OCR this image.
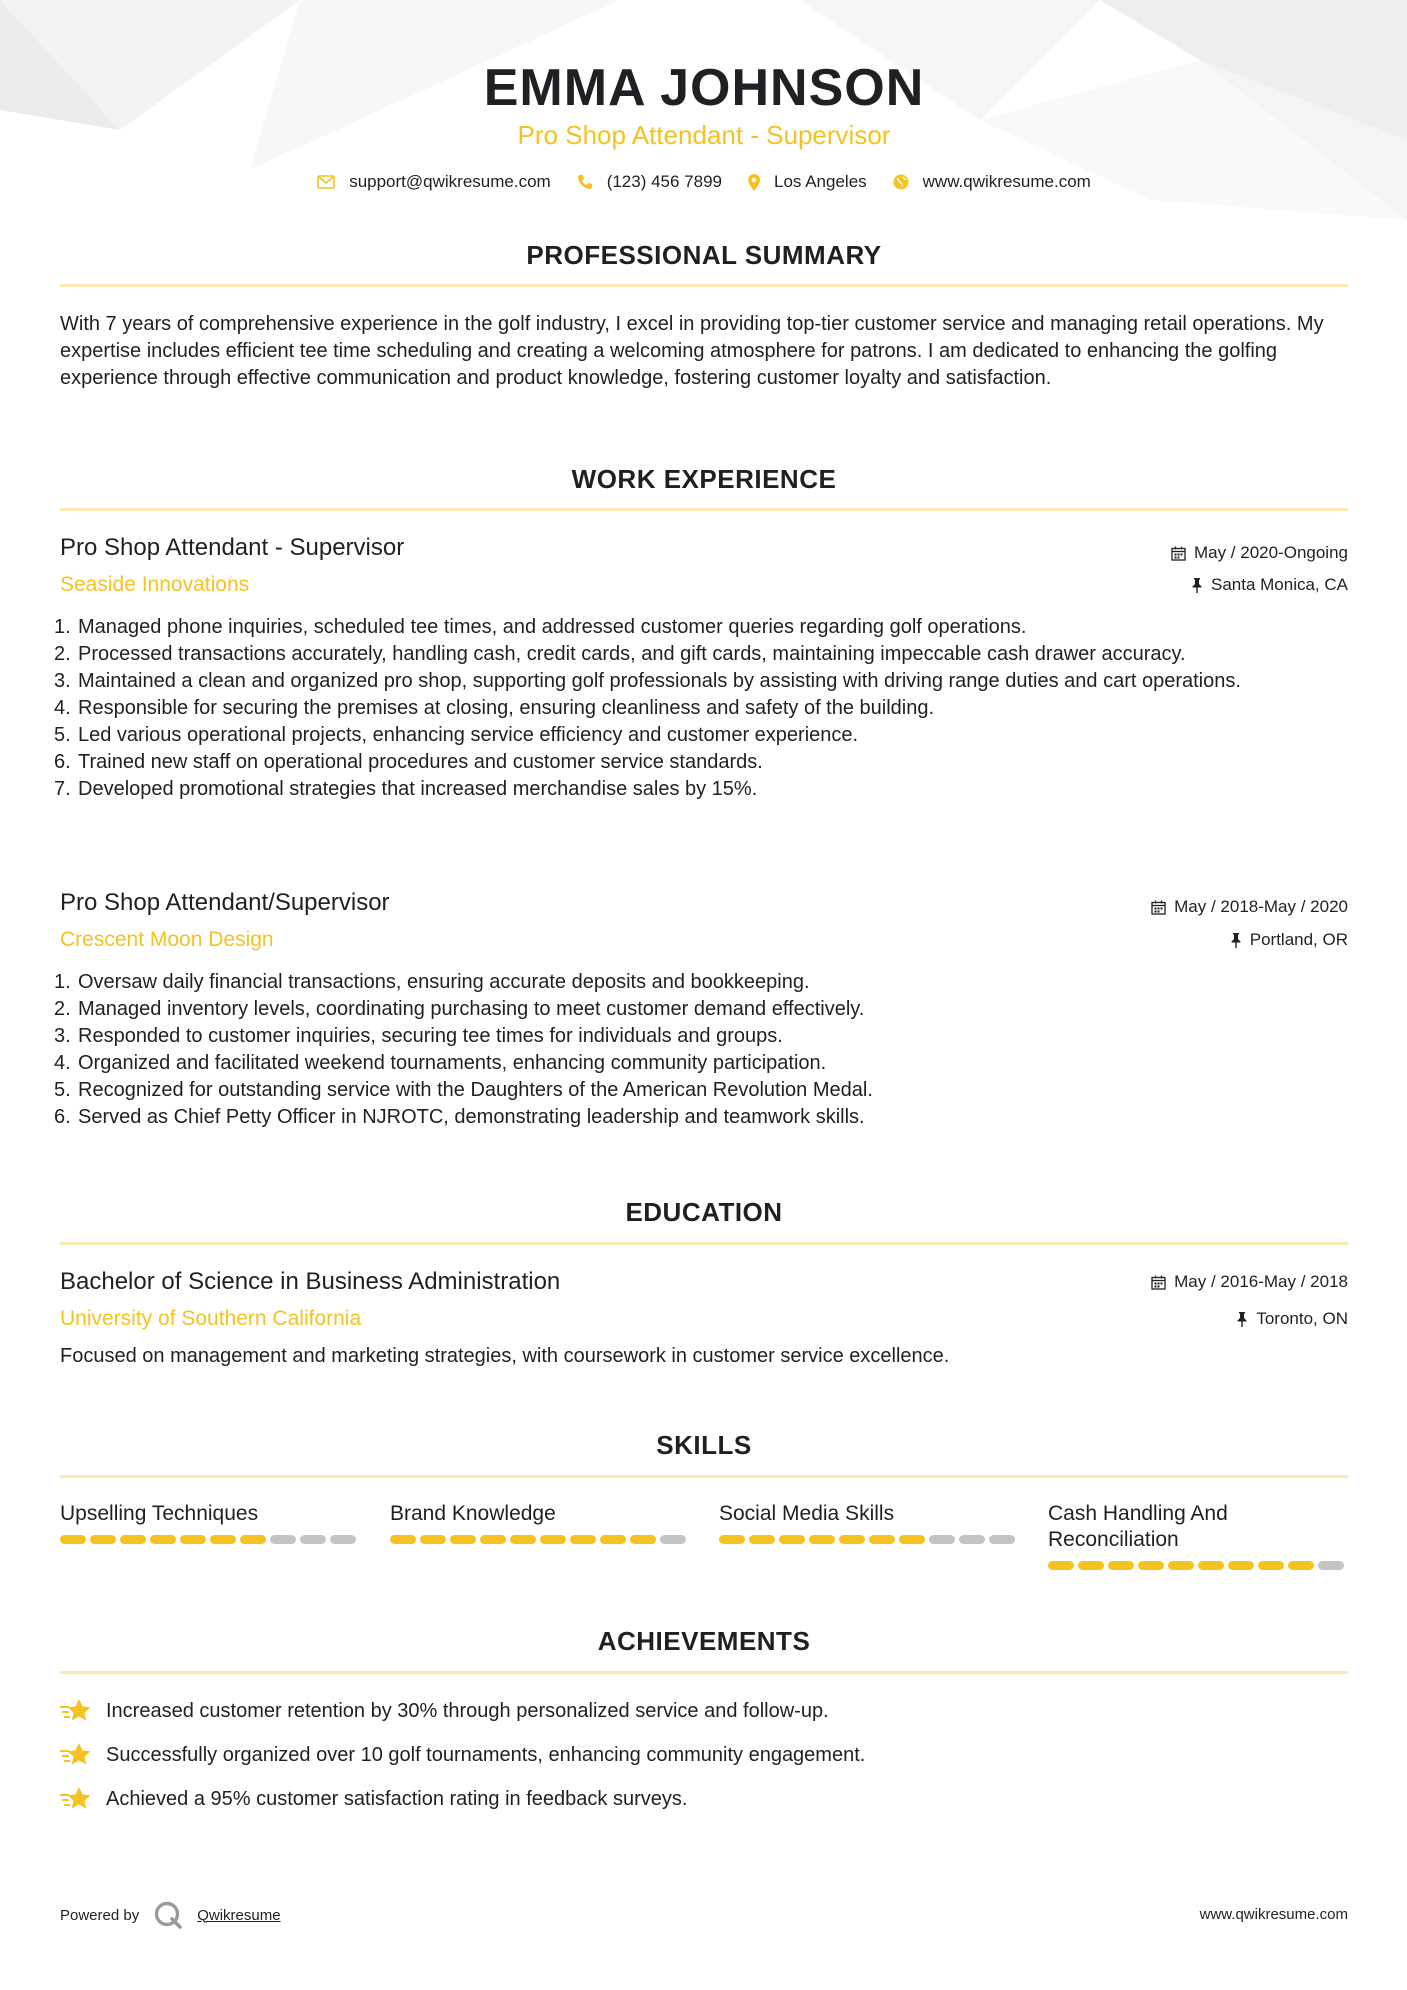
EMMA JOHNSON

Pro Shop Attendant - Supervisor

support@qwikresume.com	(123) 456 7899	Los Angeles	www.qwikresume.com
PROFESSIONAL SUMMARY

With 7 years of comprehensive experience in the golf industry, I excel in providing top-tier customer service and managing retail operations. My expertise includes efficient tee time scheduling and creating a welcoming atmosphere for patrons. I am dedicated to enhancing the golfing experience through effective communication and product knowledge, fostering customer loyalty and satisfaction.

WORK EXPERIENCE

Pro Shop Attendant - Supervisor

Seaside Innovations

May / 2020-Ongoing
Santa Monica, CA
1. Managed phone inquiries, scheduled tee times, and addressed customer queries regarding golf operations.
2. Processed transactions accurately, handling cash, credit cards, and gift cards, maintaining impeccable cash drawer accuracy.
3. Maintained a clean and organized pro shop, supporting golf professionals by assisting with driving range duties and cart operations.
4. Responsible for securing the premises at closing, ensuring cleanliness and safety of the building.
5. Led various operational projects, enhancing service efficiency and customer experience.
6. Trained new staff on operational procedures and customer service standards.
7. Developed promotional strategies that increased merchandise sales by 15%.

Pro Shop Attendant/Supervisor

Crescent Moon Design

May / 2018-May / 2020
Portland, OR
1. Oversaw daily financial transactions, ensuring accurate deposits and bookkeeping.
2. Managed inventory levels, coordinating purchasing to meet customer demand effectively.
3. Responded to customer inquiries, securing tee times for individuals and groups.
4. Organized and facilitated weekend tournaments, enhancing community participation.
5. Recognized for outstanding service with the Daughters of the American Revolution Medal.
6. Served as Chief Petty Officer in NJROTC, demonstrating leadership and teamwork skills.
EDUCATION

Bachelor of Science in Business Administration

University of Southern California

May / 2016-May / 2018
Toronto, ON

Focused on management and marketing strategies, with coursework in customer service excellence.

SKILLS

Upselling Techniques	Brand Knowledge	Social Media Skills	Cash Handling And Reconciliation

ACHIEVEMENTS
Increased customer retention by 30% through personalized service and follow-up.
Successfully organized over 10 golf tournaments, enhancing community engagement.
Achieved a 95% customer satisfaction rating in feedback surveys.
Powered by	Qwikresume	www.qwikresume.com
